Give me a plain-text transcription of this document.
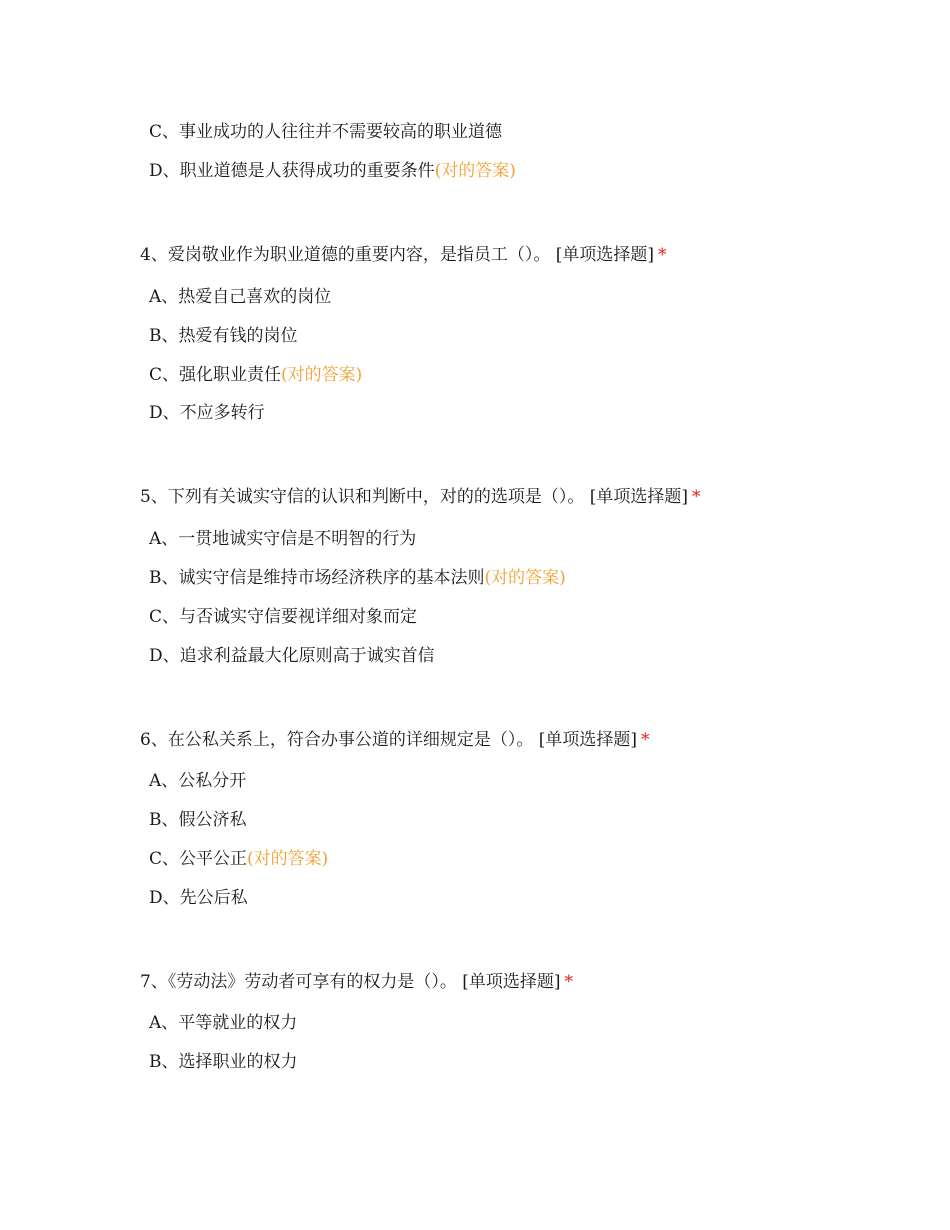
C、事业成功的人往往并不需要较高的职业道德
D、职业道德是人获得成功的重要条件(对的答案)
4、爱岗敬业作为职业道德的重要内容，是指员工（）。 [单项选择题] *
A、热爱自己喜欢的岗位
B、热爱有钱的岗位
C、强化职业责任(对的答案)
D、不应多转行
5、下列有关诚实守信的认识和判断中，对的的选项是（）。 [单项选择题] *
A、一贯地诚实守信是不明智的行为
B、诚实守信是维持市场经济秩序的基本法则(对的答案)
C、与否诚实守信要视详细对象而定
D、追求利益最大化原则高于诚实首信
6、在公私关系上，符合办事公道的详细规定是（）。 [单项选择题] *
A、公私分开
B、假公济私
C、公平公正(对的答案)
D、先公后私
7、《劳动法》劳动者可享有的权力是（）。 [单项选择题] *
A、平等就业的权力
B、选择职业的权力
